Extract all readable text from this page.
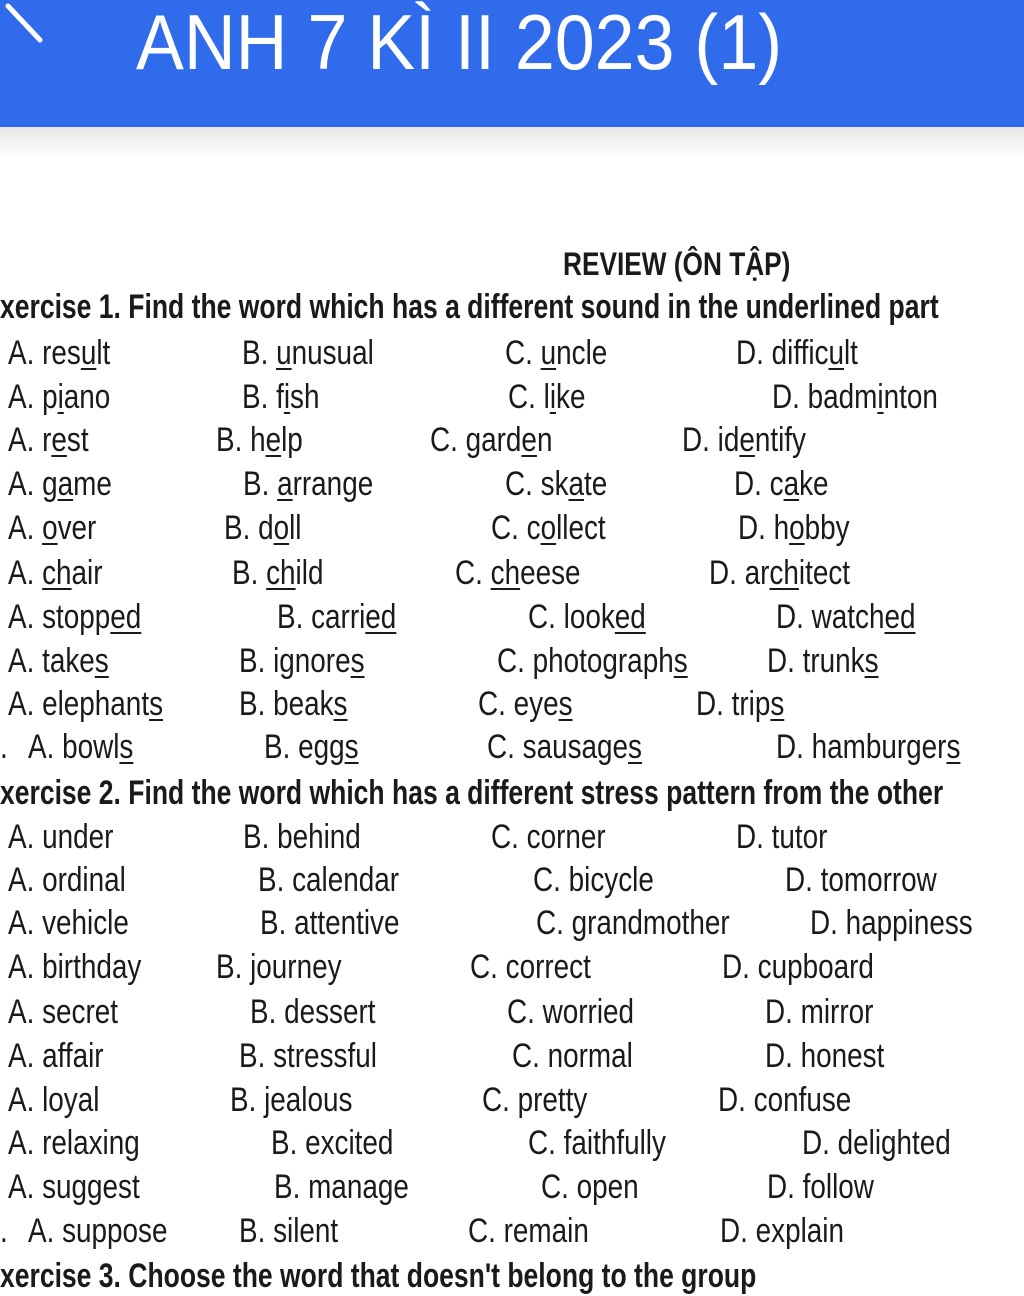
ANH 7 KÌ II 2023 (1)
REVIEW (ÔN TẬP)
xercise 1. Find the word which has a different sound in the underlined part
A. result	B. unusual	C. uncle	D. difficult
A. piano	B. fish	C. like	D. badminton
A. rest	B. help	C. garden	D. identify
A. game	B. arrange	C. skate	D. cake
A. over	B. doll	C. collect	D. hobby
A. chair	B. child	C. cheese	D. architect
A. stopped	B. carried	C. looked	D. watched
A. takes	B. ignores	C. photographs D. trunks
A. elephants B. beaks	C. eyes	D. trips
A. bowls	B. eggs	C. sausages	D. hamburgers
.
xercise 2. Find the word which has a different stress pattern from the other
A. under	B. behind	C. corner	D. tutor
A. ordinal	B. calendar	C. bicycle	D. tomorrow
A. vehicle	B. attentive	C. grandmother D. happiness
A. birthday B. journey	C. correct	D. cupboard
A. secret	B. dessert	C. worried	D. mirror
A. affair	B. stressful	C. normal	D. honest
A. loyal	B. jealous	C. pretty	D. confuse
A. relaxing	B. excited	C. faithfully	D. delighted
A. suggest	B. manage	C. open	D. follow
A. suppose B. silent	C. remain	D. explain
.
xercise 3. Choose the word that doesn't belong to the group
